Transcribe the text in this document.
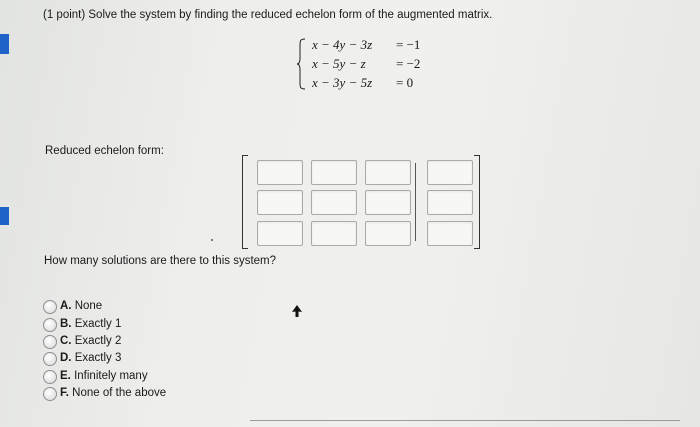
(1 point) Solve the system by finding the reduced echelon form of the augmented matrix.
x − 4y − 3z = −1
x − 5y − z = −2
x − 3y − 5z = 0
Reduced echelon form:
How many solutions are there to this system?
A. None
B. Exactly 1
C. Exactly 2
D. Exactly 3
E. Infinitely many
F. None of the above
